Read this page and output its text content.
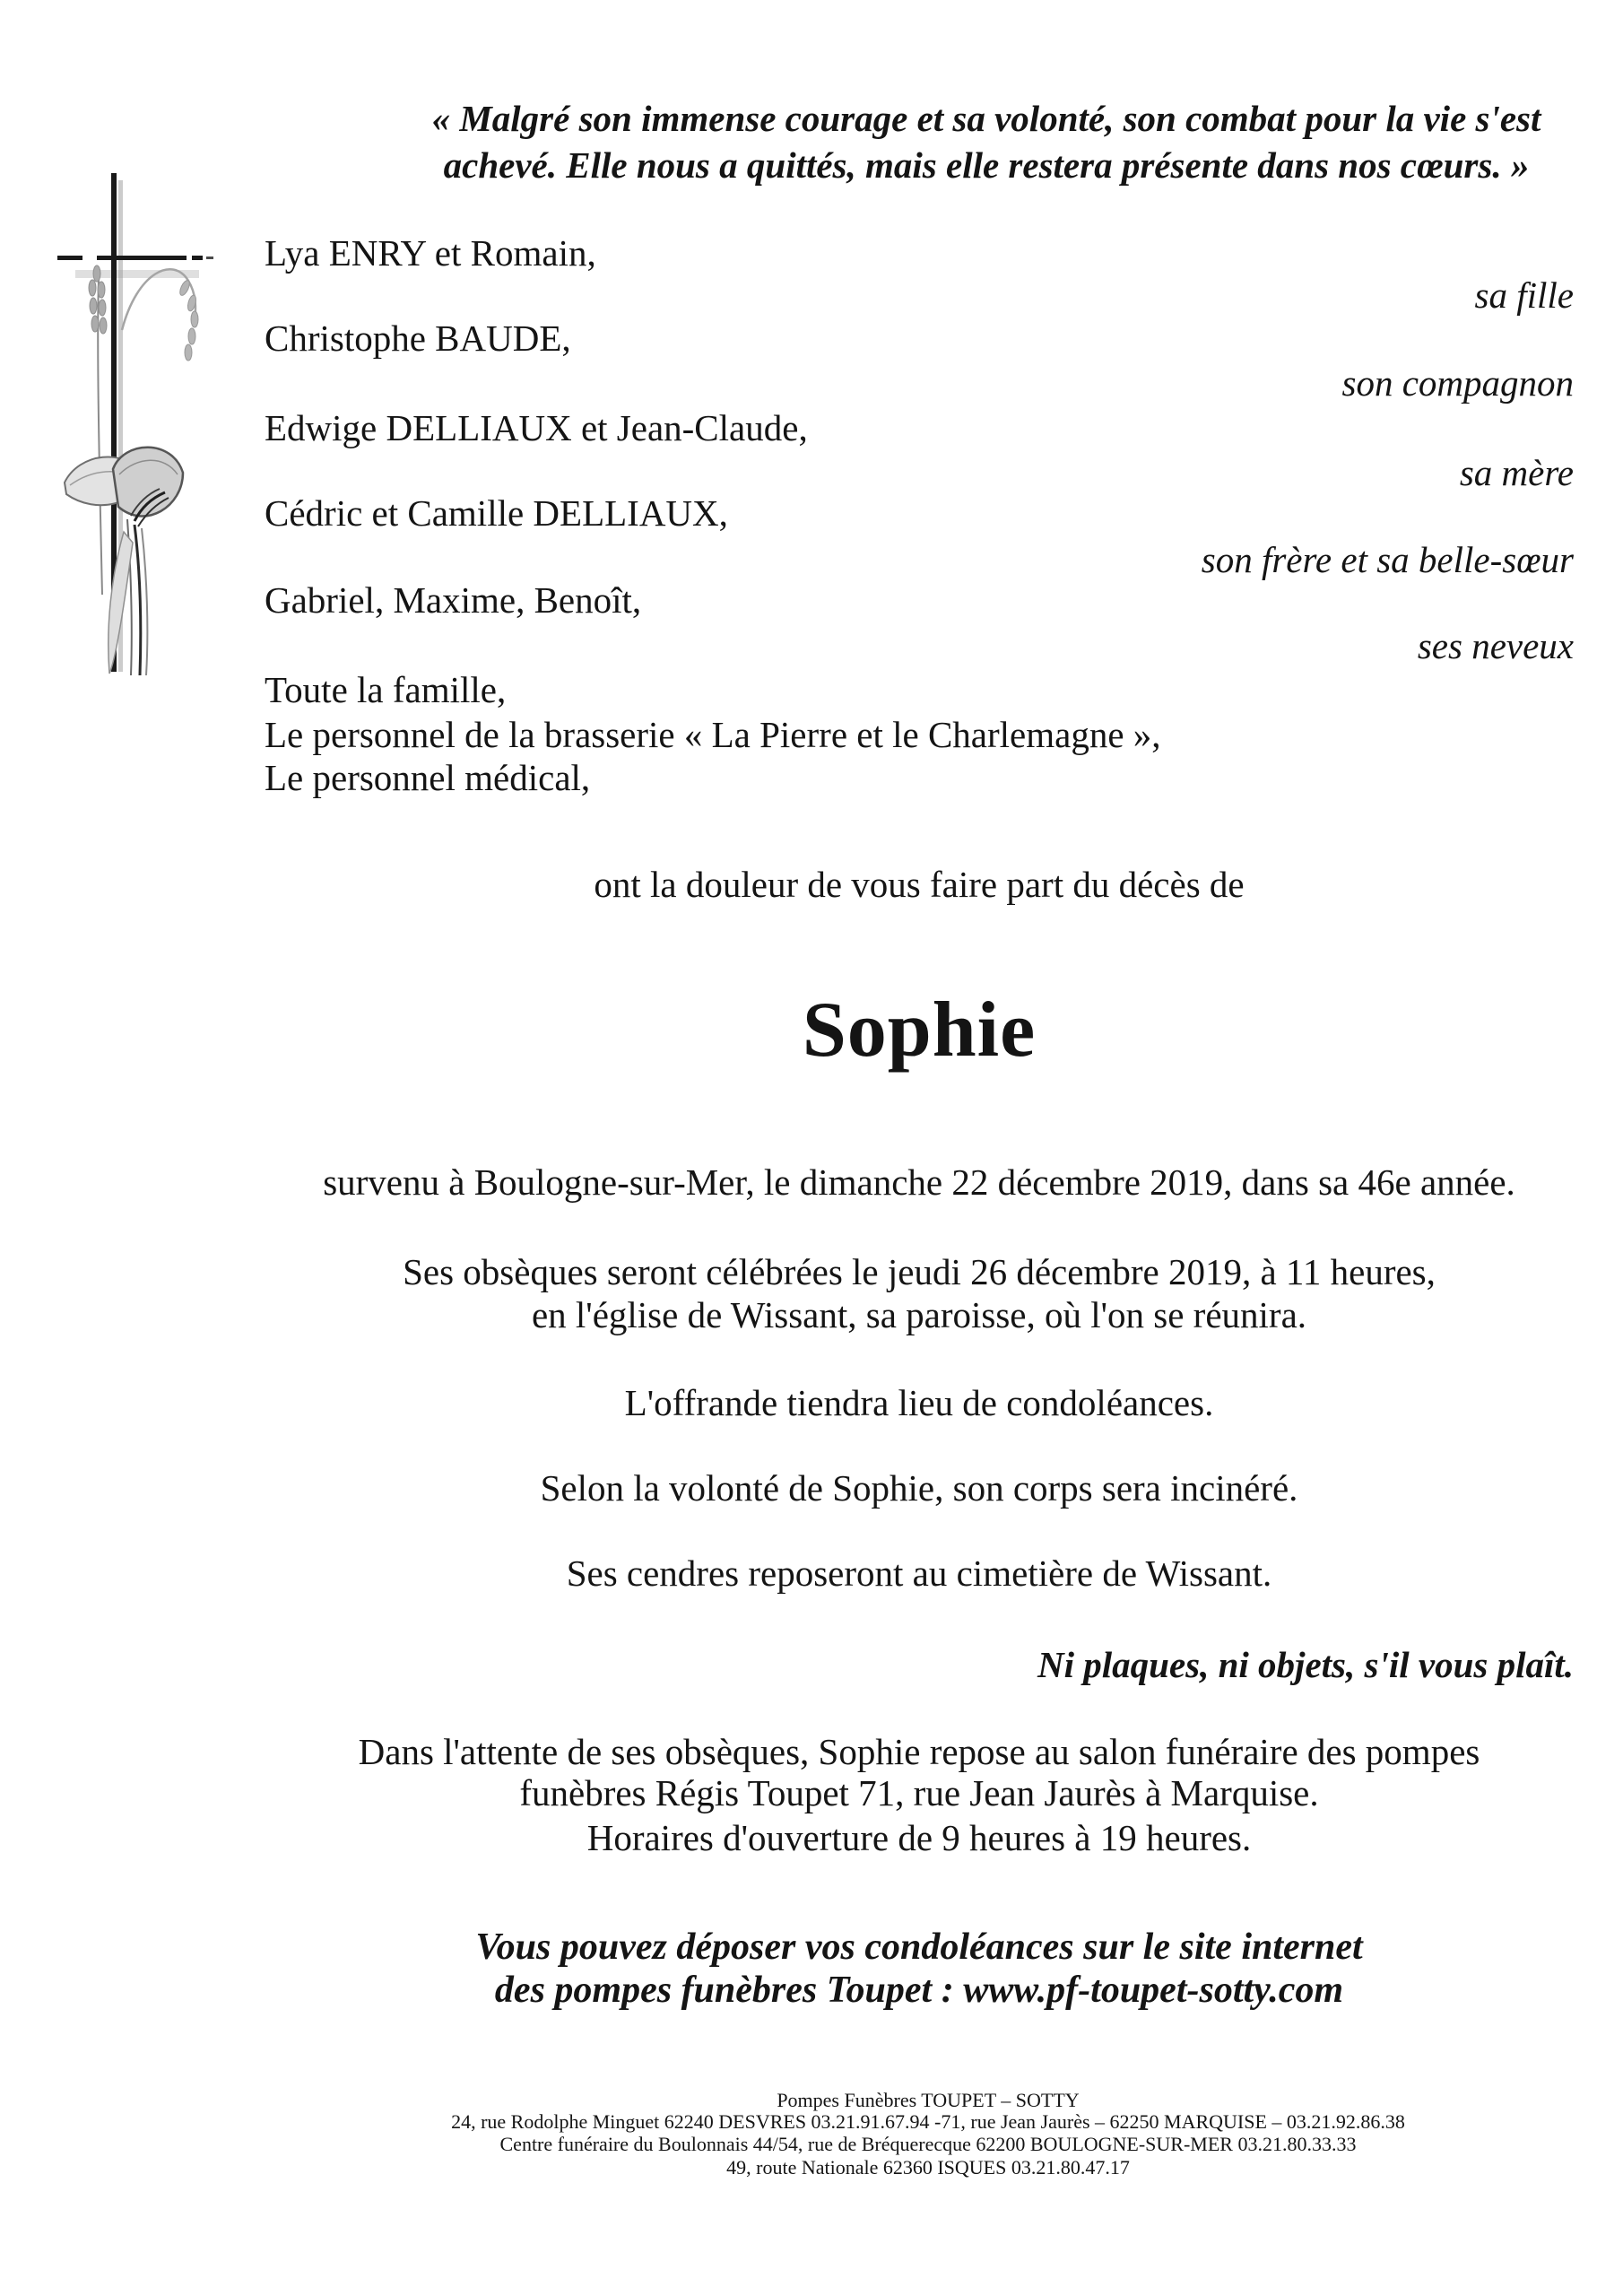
« Malgré son immense courage et sa volonté, son combat pour la vie s'est
achevé. Elle nous a quittés, mais elle restera présente dans nos cœurs. »
Lya ENRY et Romain,
sa fille
Christophe BAUDE,
son compagnon
Edwige DELLIAUX et Jean-Claude,
sa mère
Cédric et Camille DELLIAUX,
son frère et sa belle-sœur
Gabriel, Maxime, Benoît,
ses neveux
Toute la famille,
Le personnel de la brasserie « La Pierre et le Charlemagne »,
Le personnel médical,
ont la douleur de vous faire part du décès de
Sophie
survenu à Boulogne-sur-Mer, le dimanche 22 décembre 2019, dans sa 46e année.
Ses obsèques seront célébrées le jeudi 26 décembre 2019, à 11 heures,
en l'église de Wissant, sa paroisse, où l'on se réunira.
L'offrande tiendra lieu de condoléances.
Selon la volonté de Sophie, son corps sera incinéré.
Ses cendres reposeront au cimetière de Wissant.
Ni plaques, ni objets, s'il vous plaît.
Dans l'attente de ses obsèques, Sophie repose au salon funéraire des pompes
funèbres Régis Toupet 71, rue Jean Jaurès à Marquise.
Horaires d'ouverture de 9 heures à 19 heures.
Vous pouvez déposer vos condoléances sur le site internet
des pompes funèbres Toupet : www.pf-toupet-sotty.com
Pompes Funèbres TOUPET – SOTTY
24, rue Rodolphe Minguet 62240 DESVRES 03.21.91.67.94 -71, rue Jean Jaurès – 62250 MARQUISE – 03.21.92.86.38
Centre funéraire du Boulonnais 44/54, rue de Bréquerecque 62200 BOULOGNE-SUR-MER 03.21.80.33.33
49, route Nationale 62360 ISQUES 03.21.80.47.17
